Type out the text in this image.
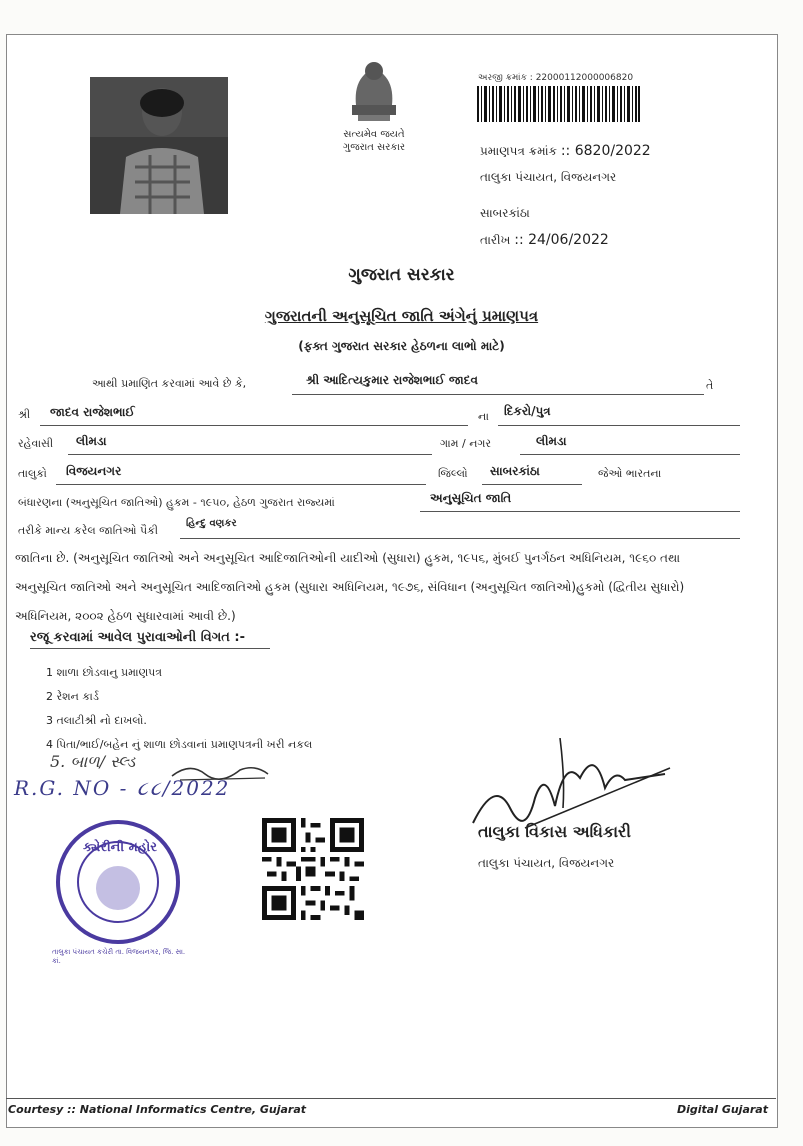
સત્યમેવ જયતે
ગુજરાત સરકાર
અરજી ક્રમાંક : 22000112000006820
પ્રમાણપત્ર ક્રમાંક :: 6820/2022
તાલુકા પંચાયત, વિજયનગર
સાબરકાંઠા
તારીખ :: 24/06/2022
ગુજરાત સરકાર
ગુજરાતની અનુસૂચિત જાતિ અંગેનું પ્રમાણપત્ર
(ફક્ત ગુજરાત સરકાર હેઠળના લાભો માટે)
આથી પ્રમાણિત કરવામાં આવે છે કે,	શ્રી આદિત્યકુમાર રાજેશભાઈ જાદવ	તે
શ્રી જાદવ રાજેશભાઈ	ના દિકરો/પુત્ર
રહેવાસી લીમડા	ગામ / નગર	લીમડા
તાલુકો વિજયનગર	જિલ્લો સાબરકાંઠા	જેઓ ભારતના
બંધારણના (અનુસૂચિત જાતિઓ) હુકમ - ૧૯૫૦, હેઠળ ગુજરાત રાજ્યમાં	અનુસૂચિત જાતિ
તરીકે માન્ય કરેલ જાતિઓ પૈકી
હિન્દુ વણકર
જાતિના છે. (અનુસૂચિત જાતિઓ અને અનુસૂચિત આદિજાતિઓની યાદીઓ (સુધારા) હુકમ, ૧૯૫૬, મુંબઈ પુનર્ગઠન અધિનિયમ, ૧૯૬૦ તથા
અનુસૂચિત જાતિઓ અને અનુસૂચિત આદિજાતિઓ હુકમ (સુધારા અધિનિયમ, ૧૯૭૬, સંવિધાન (અનુસૂચિત જાતિઓ)હુકમો (દ્વિતીય સુધારો)
અધિનિયમ, ૨૦૦૨ હેઠળ સુધારવામાં આવી છે.)
રજૂ કરવામાં આવેલ પુરાવાઓની વિગત :-
1 શાળા છોડવાનુ પ્રમાણપત્ર
2 રેશન કાર્ડ
3 તલાટીશ્રી નો દાખલો.
4 પિતા/ભાઈ/બહેન નું શાળા છોડવાનાં પ્રમાણપત્રની ખરી નકલ
5. બાળ/ સ્લ્ડ
R.G. NO - ૮૮/2022
તાલુકા વિકાસ અધિકારી
તાલુકા પંચાયત, વિજયનગર
ક્યેરીની મહોર
તાલુકા પંચાયત કચેરી તા. વિજયનગર, જિ. સા. કાં.
Courtesy :: National Informatics Centre, Gujarat	Digital Gujarat
